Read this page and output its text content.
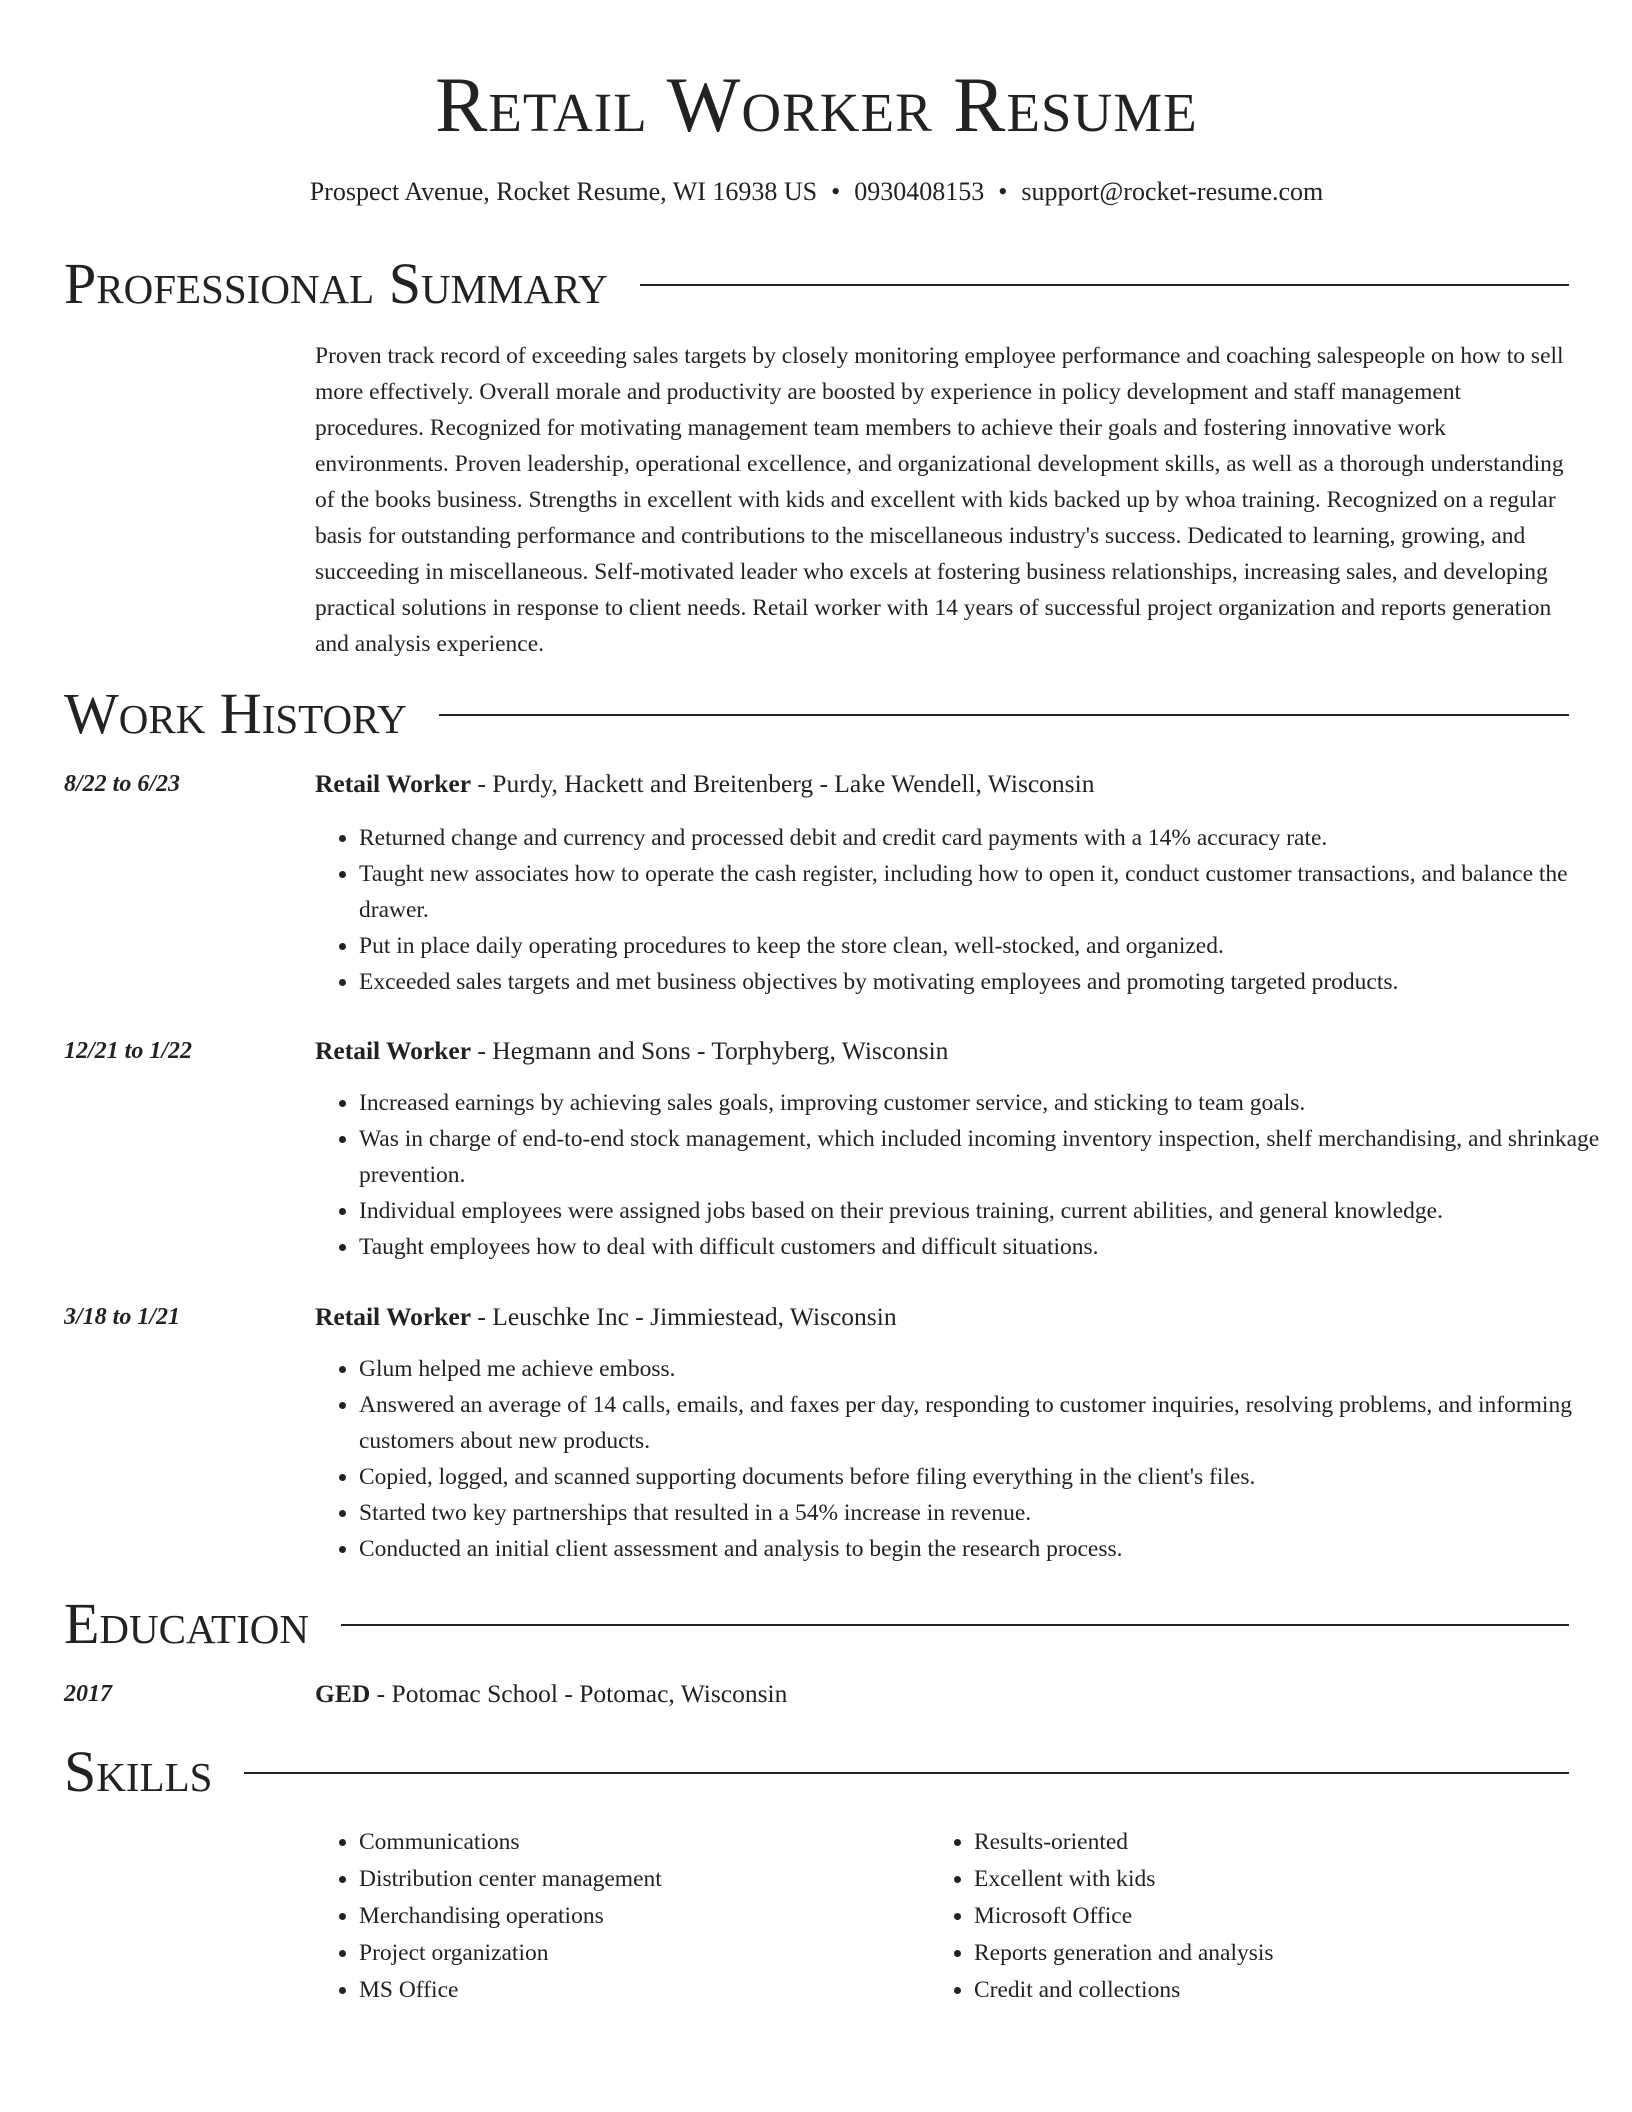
Retail Worker Resume
Prospect Avenue, Rocket Resume, WI 16938 US • 0930408153 • support@rocket-resume.com
Professional Summary

Proven track record of exceeding sales targets by closely monitoring employee performance and coaching salespeople on how to sell more effectively. Overall morale and productivity are boosted by experience in policy development and staff management procedures. Recognized for motivating management team members to achieve their goals and fostering innovative work environments. Proven leadership, operational excellence, and organizational development skills, as well as a thorough understanding of the books business. Strengths in excellent with kids and excellent with kids backed up by whoa training. Recognized on a regular basis for outstanding performance and contributions to the miscellaneous industry's success. Dedicated to learning, growing, and succeeding in miscellaneous. Self-motivated leader who excels at fostering business relationships, increasing sales, and developing practical solutions in response to client needs. Retail worker with 14 years of successful project organization and reports generation and analysis experience.

Work History
8/22 to 6/23	Retail Worker - Purdy, Hackett and Breitenberg - Lake Wendell, Wisconsin
• Returned change and currency and processed debit and credit card payments with a 14% accuracy rate.
• Taught new associates how to operate the cash register, including how to open it, conduct customer transactions, and balance the drawer.
• Put in place daily operating procedures to keep the store clean, well-stocked, and organized.
• Exceeded sales targets and met business objectives by motivating employees and promoting targeted products.
12/21 to 1/22	Retail Worker - Hegmann and Sons - Torphyberg, Wisconsin
• Increased earnings by achieving sales goals, improving customer service, and sticking to team goals.
• Was in charge of end-to-end stock management, which included incoming inventory inspection, shelf merchandising, and shrinkage prevention.
• Individual employees were assigned jobs based on their previous training, current abilities, and general knowledge.
• Taught employees how to deal with difficult customers and difficult situations.
3/18 to 1/21	Retail Worker - Leuschke Inc - Jimmiestead, Wisconsin
• Glum helped me achieve emboss.
• Answered an average of 14 calls, emails, and faxes per day, responding to customer inquiries, resolving problems, and informing customers about new products.
• Copied, logged, and scanned supporting documents before filing everything in the client's files.
• Started two key partnerships that resulted in a 54% increase in revenue.
• Conducted an initial client assessment and analysis to begin the research process.
Education
2017	GED - Potomac School - Potomac, Wisconsin
Skills
• Communications
• Distribution center management
• Merchandising operations
• Project organization
• MS Office
• Results-oriented
• Excellent with kids
• Microsoft Office
• Reports generation and analysis
• Credit and collections
